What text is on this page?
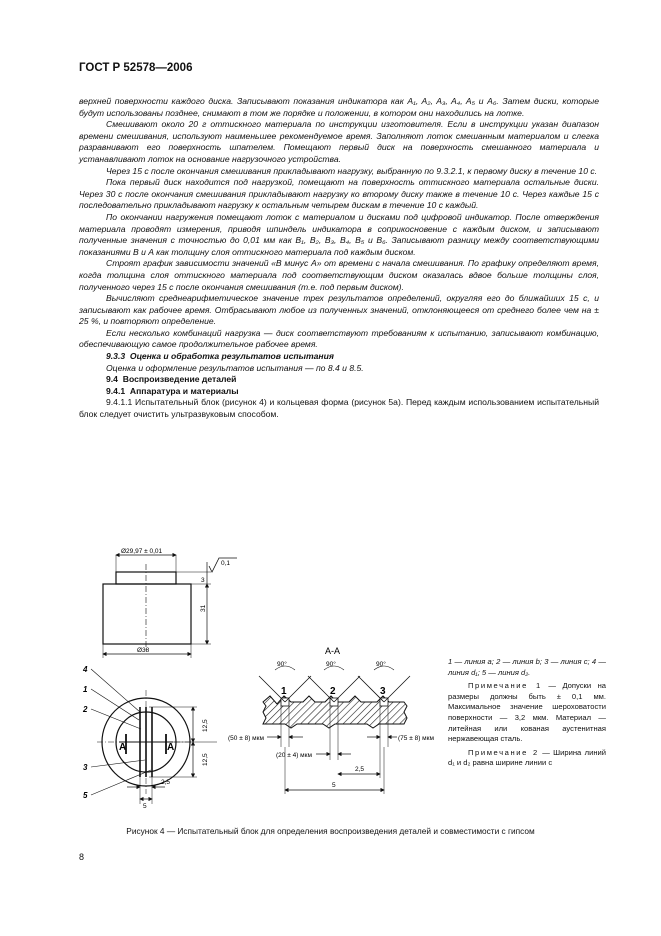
ГОСТ Р 52578—2006

верхней поверхности каждого диска. Записывают показания индикатора как A₁, A₂, A₃, A₄, A₅ и A₆. Затем диски, которые будут использованы позднее, снимают в том же порядке и положении, в котором они находились на лотке.

Смешивают около 20 г оттискного материала по инструкции изготовителя. Если в инструкции указан диапазон времени смешивания, используют наименьшее рекомендуемое время. Заполняют лоток смешанным материалом и слегка разравнивают его поверхность шпателем. Помещают первый диск на поверхность смешанного материала и устанавливают лоток на основание нагрузочного устройства.

Через 15 с после окончания смешивания прикладывают нагрузку, выбранную по 9.3.2.1, к первому диску в течение 10 с.

Пока первый диск находится под нагрузкой, помещают на поверхность оттискного материала остальные диски. Через 30 с после окончания смешивания прикладывают нагрузку ко второму диску также в течение 10 с. Через каждые 15 с последовательно прикладывают нагрузку к остальным четырем дискам в течение 10 с каждый.

По окончании нагружения помещают лоток с материалом и дисками под цифровой индикатор. После отверждения материала проводят измерения, приводя шпиндель индикатора в соприкосновение с каждым диском, и записывают полученные значения с точностью до 0,01 мм как B₁, B₂, B₃, B₄, B₅ и B₆. Записывают разницу между соответствующими показаниями B и A как толщину слоя оттискного материала под каждым диском.

Строят график зависимости значений «B минус A» от времени с начала смешивания. По графику определяют время, когда толщина слоя оттискного материала под соответствующим диском оказалась вдвое больше толщины слоя, полученного через 15 с после окончания смешивания (т.е. под первым диском).

Вычисляют среднеарифметическое значение трех результатов определений, округляя его до ближайших 15 с, и записывают как рабочее время. Отбрасывают любое из полученных значений, отклоняющееся от среднего более чем на ± 25 %, и повторяют определение.

Если несколько комбинаций нагрузка — диск соответствуют требованиям к испытанию, записывают комбинацию, обеспечивающую самое продолжительное рабочее время.

9.3.3 Оценка и обработка результатов испытания

Оценка и оформление результатов испытания — по 8.4 и 8.5.

9.4 Воспроизведение деталей

9.4.1 Аппаратура и материалы

9.4.1.1 Испытательный блок (рисунок 4) и кольцевая форма (рисунок 5а). Перед каждым использованием испытательный блок следует очистить ультразвуковым способом.

Ø29,97 ± 0,01
Ø38
3
31
0,1
А	А
4
1
2
3
5
12,5
12,5
2,5
5
А-А
90°	90°	90°
1	2	3
(50 ± 8) мкм
(20 ± 4) мкм
(75 ± 8) мкм
2,5
5

1 — линия a; 2 — линия b; 3 — линия c; 4 — линия d₁; 5 — линия d₂.

Примечание 1 — Допуски на размеры должны быть ± 0,1 мм. Максимальное значение шероховатости поверхности — 3,2 мкм. Материал — литейная или кованая аустенитная нержавеющая сталь.

Примечание 2 — Ширина линий d₁ и d₂ равна ширине линии c

Рисунок 4 — Испытательный блок для определения воспроизведения деталей и совместимости с гипсом
8
